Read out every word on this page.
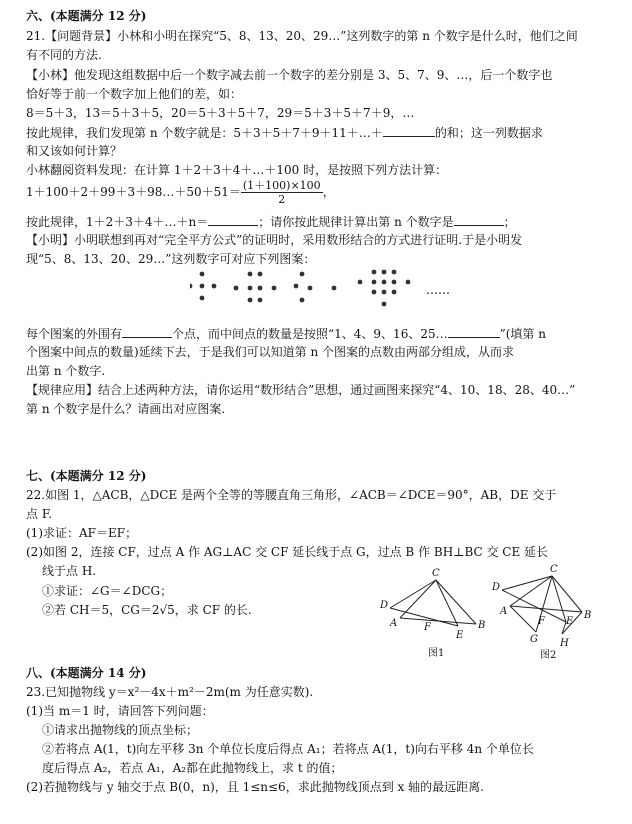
六、(本题满分 12 分)
21.【问题背景】小林和小明在探究“5、8、13、20、29…”这列数字的第 n 个数字是什么时，他们之间
有不同的方法.
【小林】他发现这组数据中后一个数字减去前一个数字的差分别是 3、5、7、9、…，后一个数字也
恰好等于前一个数字加上他们的差，如：
8＝5＋3，13＝5＋3＋5，20＝5＋3＋5＋7，29＝5＋3＋5＋7＋9，…
按此规律，我们发现第 n 个数字就是：5＋3＋5＋7＋9＋11＋…＋	的和；这一列数据求
和又该如何计算？
小林翻阅资料发现：在计算 1＋2＋3＋4＋…＋100 时，是按照下列方法计算：
1＋100＋2＋99＋3＋98…＋50＋51＝ $\frac{(1+100)\times 100}{2}$ ，
按此规律，1＋2＋3＋4＋…＋n＝	；请你按此规律计算出第 n 个数字是	；
【小明】小明联想到再对“完全平方公式”的证明时，采用数形结合的方式进行证明.于是小明发
现“5、8、13、20、29…”这列数字可对应下列图案：
……
每个图案的外围有	个点，而中间点的数量是按照“1、4、9、16、25…	”(填第 n
个图案中间点的数量)延续下去，于是我们可以知道第 n 个图案的点数由两部分组成，从而求
出第 n 个数字.
【规律应用】结合上述两种方法，请你运用“数形结合”思想，通过画图来探究“4、10、18、28、40…”
第 n 个数字是什么？请画出对应图案.
七、(本题满分 12 分)
22.如图 1，△ACB，△DCE 是两个全等的等腰直角三角形，∠ACB＝∠DCE＝90°，AB，DE 交于
点 F.
(1)求证：AF＝EF；
(2)如图 2，连接 CF，过点 A 作 AG⊥AC 交 CF 延长线于点 G，过点 B 作 BH⊥BC 交 CE 延长
线于点 H.
①求证：∠G＝∠DCG；
②若 CH＝5，CG＝2√5，求 CF 的长.
C
D
A	F
E
B
图1
C
D
A
F E
B
G H
图2
八、(本题满分 14 分)
23.已知抛物线 y＝x²－4x＋m²－2m(m 为任意实数).
(1)当 m＝1 时，请回答下列问题：
①请求出抛物线的顶点坐标；
②若将点 A(1，t)向左平移 3n 个单位长度后得点 A₁；若将点 A(1，t)向右平移 4n 个单位长
度后得点 A₂，若点 A₁，A₂都在此抛物线上，求 t 的值；
(2)若抛物线与 y 轴交于点 B(0，n)，且 1≤n≤6，求此抛物线顶点到 x 轴的最远距离.
